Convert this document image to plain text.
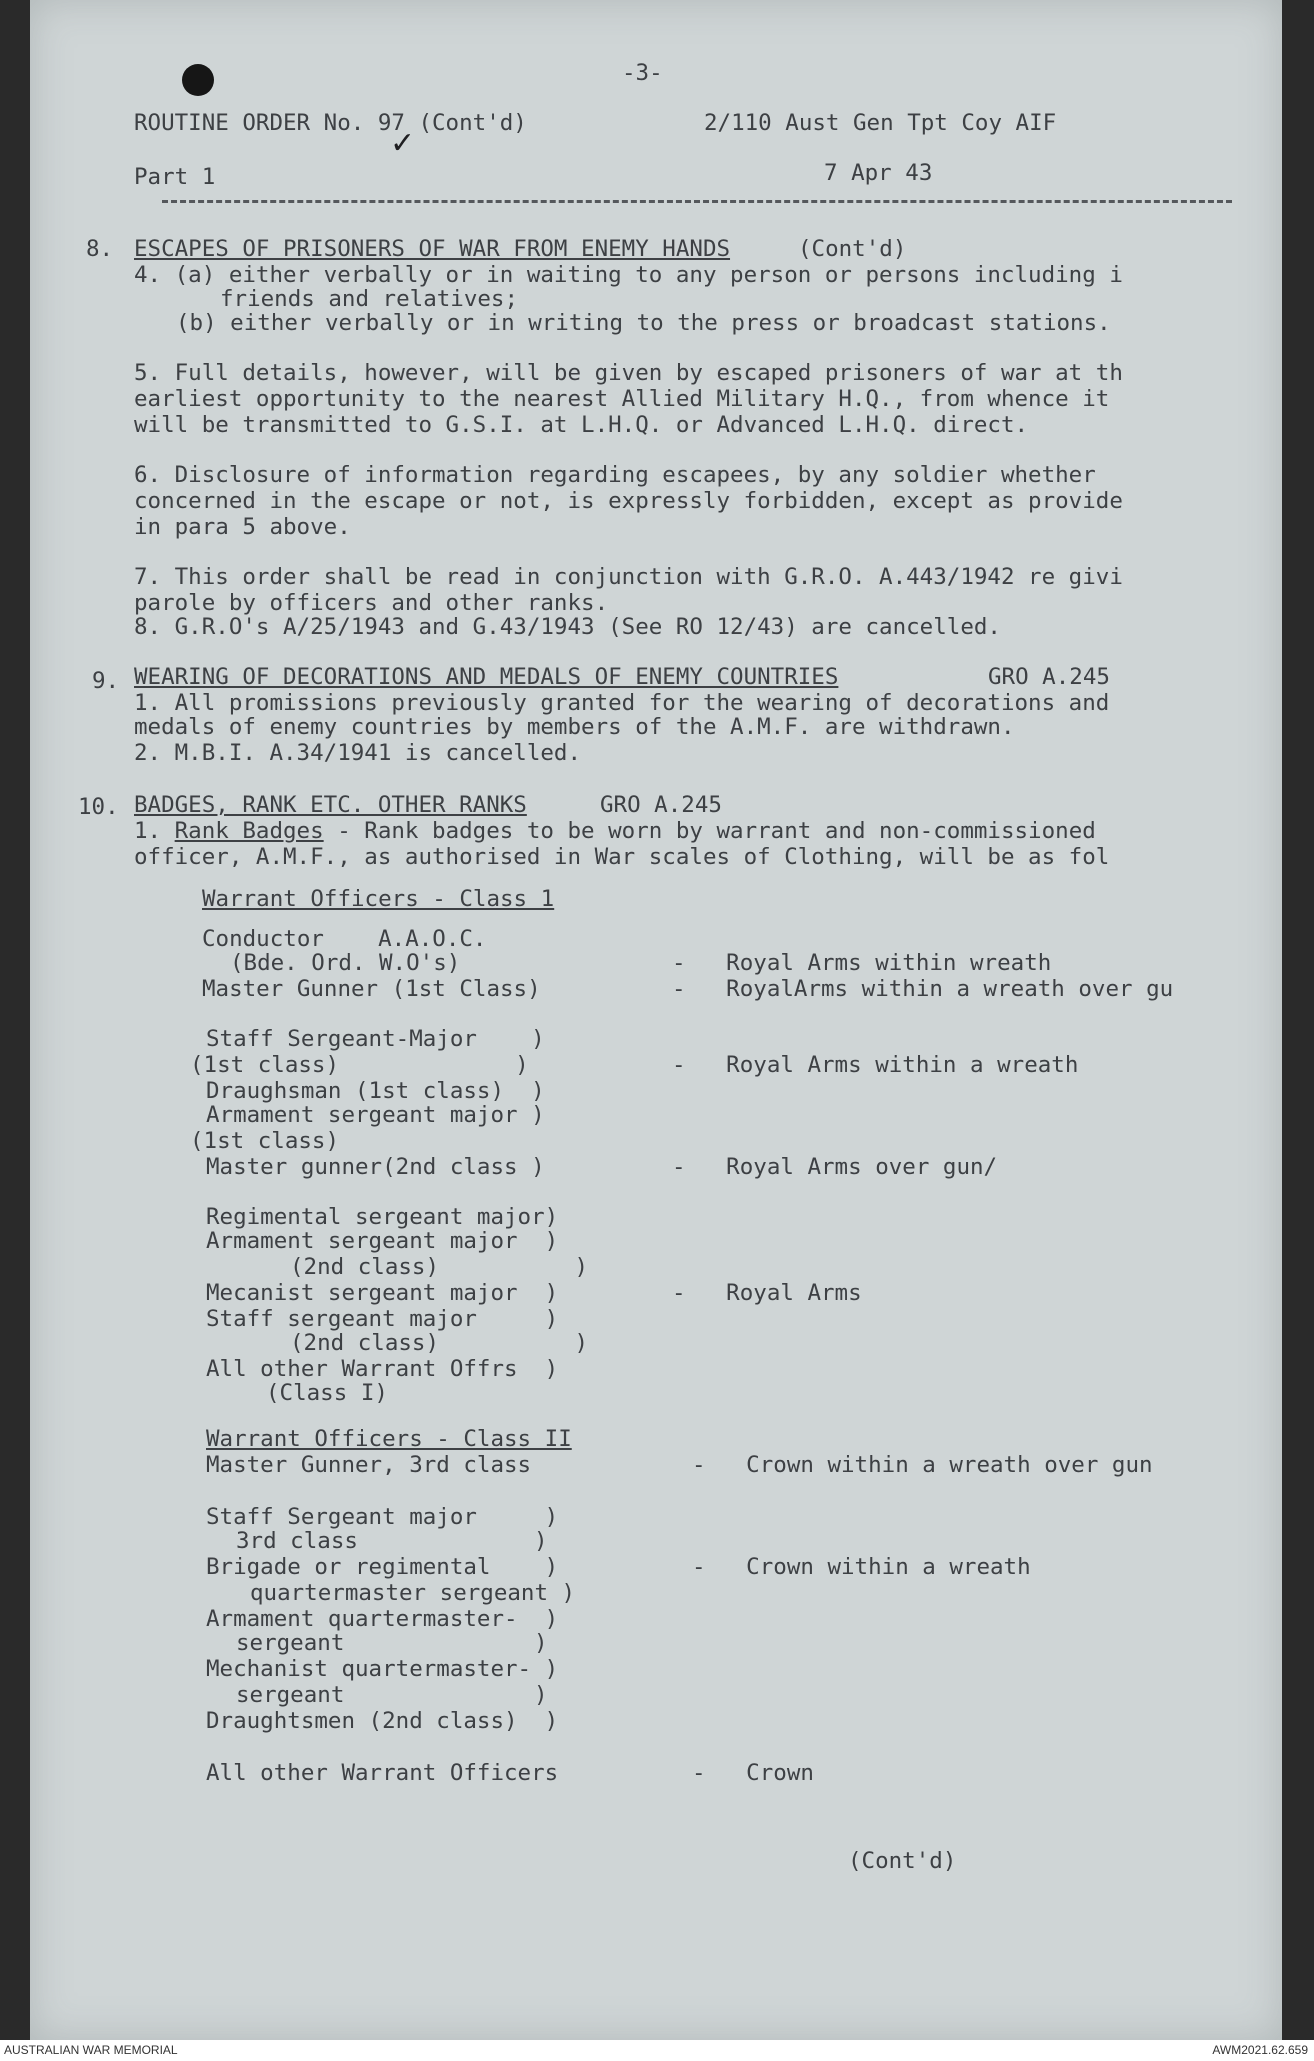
-3-
ROUTINE ORDER No. 97 (Cont'd)	2/110 Aust Gen Tpt Coy AIF
✓
Part 1	7 Apr 43
8. ESCAPES OF PRISONERS OF WAR FROM ENEMY HANDS	(Cont'd)
4. (a) either verbally or in waiting to any person or persons including i
friends and relatives;
(b) either verbally or in writing to the press or broadcast stations.
5. Full details, however, will be given by escaped prisoners of war at th
earliest opportunity to the nearest Allied Military H.Q., from whence it
will be transmitted to G.S.I. at L.H.Q. or Advanced L.H.Q. direct.
6. Disclosure of information regarding escapees, by any soldier whether
concerned in the escape or not, is expressly forbidden, except as provide
in para 5 above.
7. This order shall be read in conjunction with G.R.O. A.443/1942 re givi
parole by officers and other ranks.
8. G.R.O's A/25/1943 and G.43/1943 (See RO 12/43) are cancelled.
9. WEARING OF DECORATIONS AND MEDALS OF ENEMY COUNTRIES	GRO A.245
1. All promissions previously granted for the wearing of decorations and
medals of enemy countries by members of the A.M.F. are withdrawn.
2. M.B.I. A.34/1941 is cancelled.
10. BADGES, RANK ETC. OTHER RANKS	GRO A.245
1. Rank Badges - Rank badges to be worn by warrant and non-commissioned
officer, A.M.F., as authorised in War scales of Clothing, will be as fol
Warrant Officers - Class 1
Conductor    A.A.O.C.
(Bde. Ord. W.O's)	-   Royal Arms within wreath
Master Gunner (1st Class)	-   RoyalArms within a wreath over gu
Staff Sergeant-Major    )
(1st class)             )	-   Royal Arms within a wreath
Draughsman (1st class)  )
Armament sergeant major )
(1st class)
Master gunner(2nd class )	-   Royal Arms over gun/
Regimental sergeant major)
Armament sergeant major  )
(2nd class)          )
Mecanist sergeant major  )	-   Royal Arms
Staff sergeant major     )
(2nd class)          )
All other Warrant Offrs  )
(Class I)
Warrant Officers - Class II
Master Gunner, 3rd class	-   Crown within a wreath over gun
Staff Sergeant major     )
3rd class             )
Brigade or regimental    )	-   Crown within a wreath
quartermaster sergeant )
Armament quartermaster-  )
sergeant              )
Mechanist quartermaster- )
sergeant              )
Draughtsmen (2nd class)  )
All other Warrant Officers	-   Crown
(Cont'd)
AUSTRALIAN WAR MEMORIAL	AWM2021.62.659
